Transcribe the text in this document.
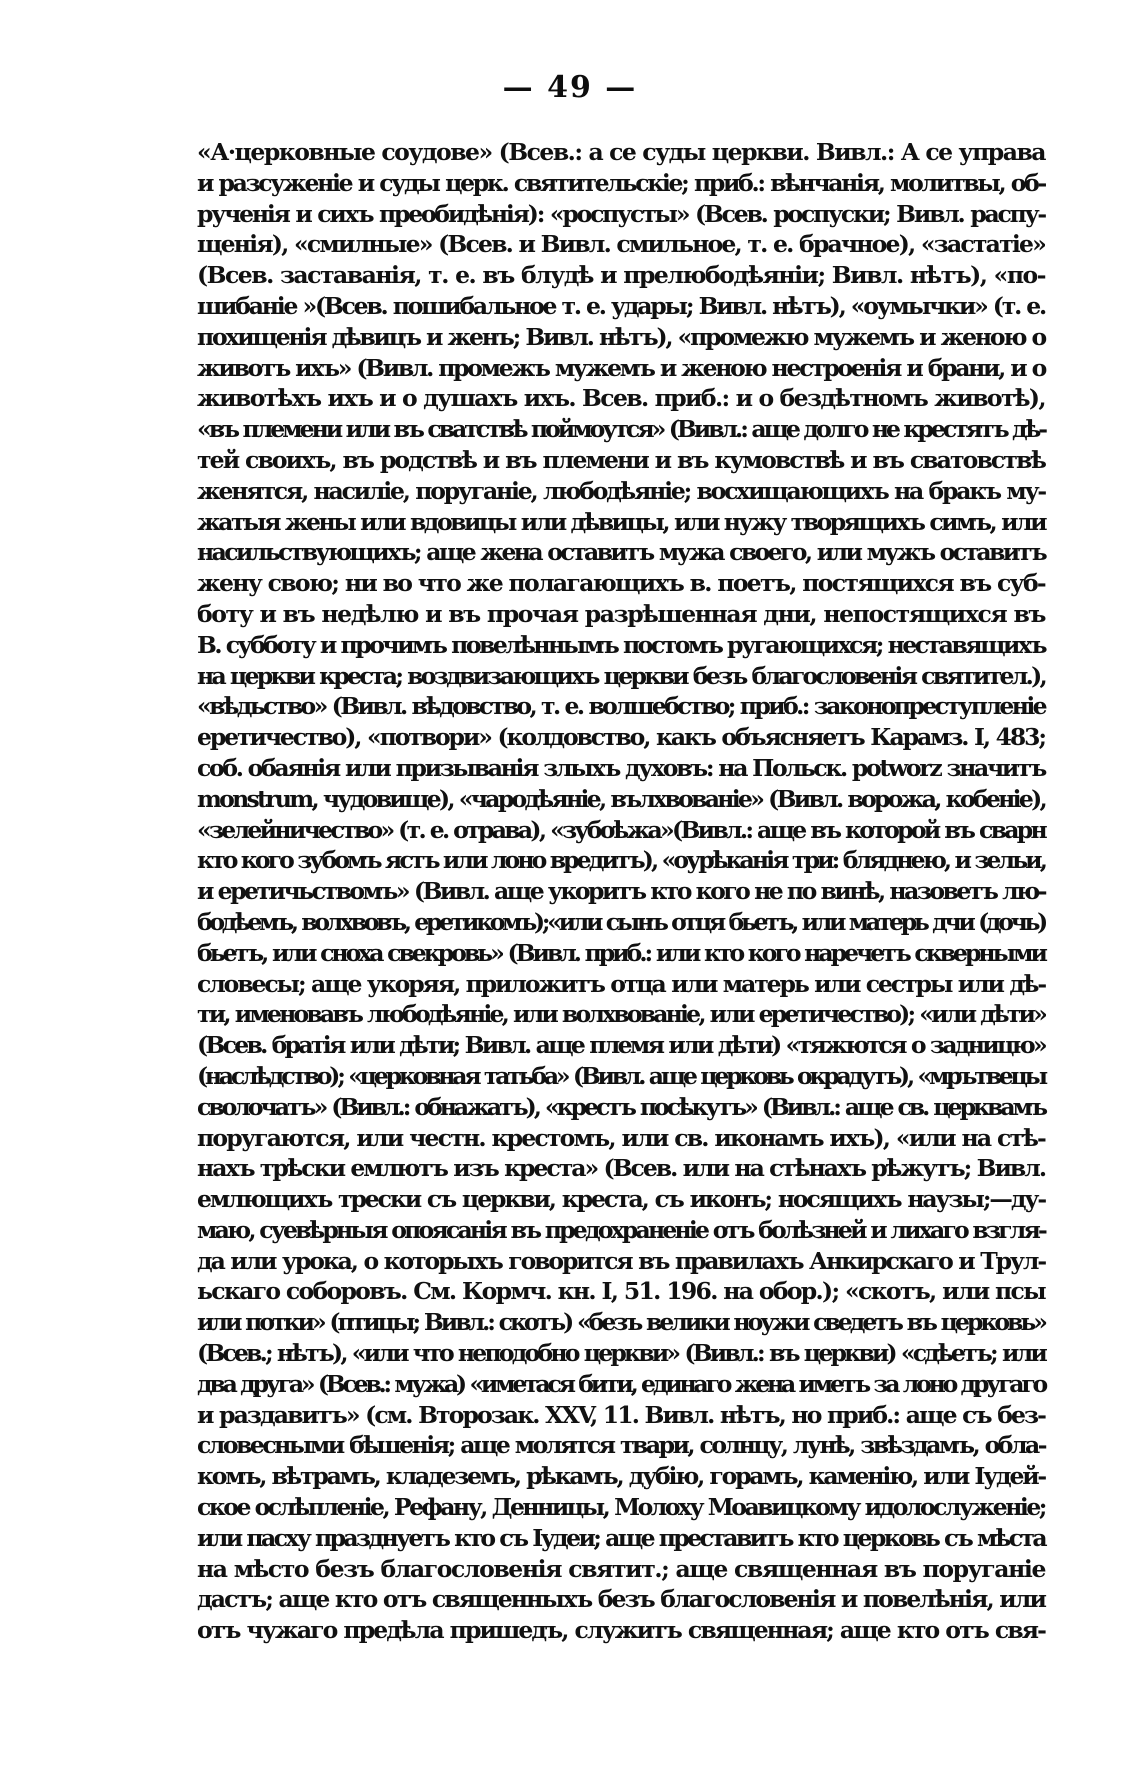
— 49 —
«А·церковные соудове» (Всев.: а се суды церкви. Вивл.: А се управа
и разсуженіе и суды церк. святительскіе; приб.: вѣнчанія, молитвы, об-
рученія и сихъ преобидѣнія): «роспусты» (Всев. роспуски; Вивл. распу-
щенія), «смилные» (Всев. и Вивл. смильное, т. е. брачное), «застатіе»
(Всев. заставанія, т. е. въ блудѣ и прелюбодѣяніи; Вивл. нѣтъ), «по-
шибаніе »(Всев. пошибальное т. е. удары; Вивл. нѣтъ), «оумычки» (т. е.
похищенія дѣвицъ и женъ; Вивл. нѣтъ), «промежю мужемъ и женою о
животъ ихъ» (Вивл. промежъ мужемъ и женою нестроенія и брани, и о
животѣхъ ихъ и о душахъ ихъ. Всев. приб.: и о бездѣтномъ животѣ),
«въ племени или въ сватствѣ поймоутся» (Вивл.: аще долго не крестятъ дѣ-
тей своихъ, въ родствѣ и въ племени и въ кумовствѣ и въ сватовствѣ
женятся, насиліе, поруганіе, любодѣяніе; восхищающихъ на бракъ му-
жатыя жены или вдовицы или дѣвицы, или нужу творящихъ симъ, или
насильствующихъ; аще жена оставитъ мужа своего, или мужъ оставитъ
жену свою; ни во что же полагающихъ в. поетъ, постящихся въ суб-
боту и въ недѣлю и въ прочая разрѣшенная дни, непостящихся въ
В. субботу и прочимъ повелѣннымъ постомъ ругающихся; неставящихъ
на церкви креста; воздвизающихъ церкви безъ благословенія святител.),
«вѣдьство» (Вивл. вѣдовство, т. е. волшебство; приб.: законопреступленіе
еретичество), «потвори» (колдовство, какъ объясняетъ Карамз. I, 483;
соб. обаянія или призыванія злыхъ духовъ: на Польск. potworz значитъ
monstrum, чудовище), «чародѣяніе, вълхвованіе» (Вивл. ворожа, кобеніе),
«зелейничество» (т. е. отрава), «зубоѣжа»(Вивл.: аще въ которой въ сварн
кто кого зубомъ ястъ или лоно вредитъ), «оурѣканія три: бляднею, и зельи,
и еретичьствомъ» (Вивл. аще укоритъ кто кого не по винѣ, назоветъ лю-
бодѣемъ, волхвовъ, еретикомъ);«или сынъ отця бьетъ, или матерь дчи (дочь)
бьетъ, или сноха свекровь» (Вивл. приб.: или кто кого наречетъ скверными
словесы; аще укоряя, приложитъ отца или матерь или сестры или дѣ-
ти, именовавъ любодѣяніе, или волхвованіе, или еретичество); «или дѣти»
(Всев. братія или дѣти; Вивл. аще племя или дѣти) «тяжются о задницю»
(наслѣдство); «церковная татьба» (Вивл. аще церковь окрадутъ), «мрътвецы
сволочатъ» (Вивл.: обнажатъ), «крестъ посѣкутъ» (Вивл.: аще св. церквамъ
поругаются, или честн. крестомъ, или св. иконамъ ихъ), «или на стѣ-
нахъ трѣски емлютъ изъ креста» (Всев. или на стѣнахъ рѣжутъ; Вивл.
емлющихъ трески съ церкви, креста, съ иконъ; носящихъ наузы;—ду-
маю, суевѣрныя опоясанія въ предохраненіе отъ болѣзней и лихаго взгля-
да или урока, о которыхъ говорится въ правилахъ Анкирскаго и Трул-
ьскаго соборовъ. См. Кормч. кн. I, 51. 196. на обор.); «скотъ, или псы
или потки» (птицы; Вивл.: скотъ) «безъ велики ноужи сведетъ въ церковь»
(Всев.; нѣтъ), «или что неподобно церкви» (Вивл.: въ церкви) «сдѣетъ; или
два друга» (Всев.: мужа) «иметася бити, единаго жена иметъ за лоно другаго
и раздавитъ» (см. Второзак. XXV, 11. Вивл. нѣтъ, но приб.: аще съ без-
словесными бѣшенія; аще молятся твари, солнцу, лунѣ, звѣздамъ, обла-
комъ, вѣтрамъ, кладеземъ, рѣкамъ, дубію, горамъ, каменію, или Іудей-
ское ослѣпленіе, Рефану, Денницы, Молоху Моавицкому идолослуженіе;
или пасху празднуетъ кто съ Іудеи; аще преставитъ кто церковь съ мѣста
на мѣсто безъ благословенія святит.; аще священная въ поруганіе
дастъ; аще кто отъ священныхъ безъ благословенія и повелѣнія, или
отъ чужаго предѣла пришедъ, служитъ священная; аще кто отъ свя-
